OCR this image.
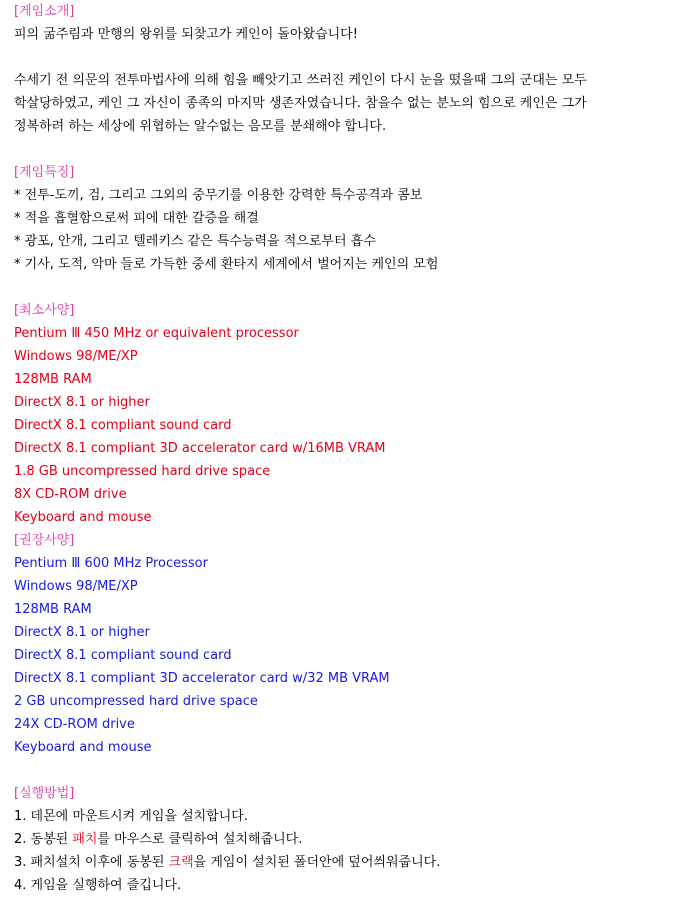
[게임소개]
피의 굶주림과 만행의 왕위를 되찾고가 케인이 돌아왔습니다!
수세기 전 의문의 전투마법사에 의해 힘을 빼앗기고 쓰러진 케인이 다시 눈을 떴을때 그의 군대는 모두
학살당하였고, 케인 그 자신이 종족의 마지막 생존자였습니다. 참을수 없는 분노의 힘으로 케인은 그가
정복하려 하는 세상에 위협하는 알수없는 음모를 분쇄해야 합니다.
[게임특징]
* 전투-도끼, 검, 그리고 그외의 중무기를 이용한 강력한 특수공격과 콤보
* 적을 흡혈함으로써 피에 대한 갈증을 해결
* 광포, 안개, 그리고 텔레키스 같은 특수능력을 적으로부터 흡수
* 기사, 도적, 악마 들로 가득한 중세 환타지 세계에서 벌어지는 케인의 모험
[최소사양]
Pentium Ⅲ 450 MHz or equivalent processor
Windows 98/ME/XP
128MB RAM
DirectX 8.1 or higher
DirectX 8.1 compliant sound card
DirectX 8.1 compliant 3D accelerator card w/16MB VRAM
1.8 GB uncompressed hard drive space
8X CD-ROM drive
Keyboard and mouse
[권장사양]
Pentium Ⅲ 600 MHz Processor
Windows 98/ME/XP
128MB RAM
DirectX 8.1 or higher
DirectX 8.1 compliant sound card
DirectX 8.1 compliant 3D accelerator card w/32 MB VRAM
2 GB uncompressed hard drive space
24X CD-ROM drive
Keyboard and mouse
[실행방법]
1. 데몬에 마운트시켜 게임을 설치합니다.
2. 동봉된 패치를 마우스로 클릭하여 설치해줍니다.
3. 패치설치 이후에 동봉된 크랙을 게임이 설치된 폴더안에 덮어씌워줍니다.
4. 게임을 실행하여 즐깁니다.
